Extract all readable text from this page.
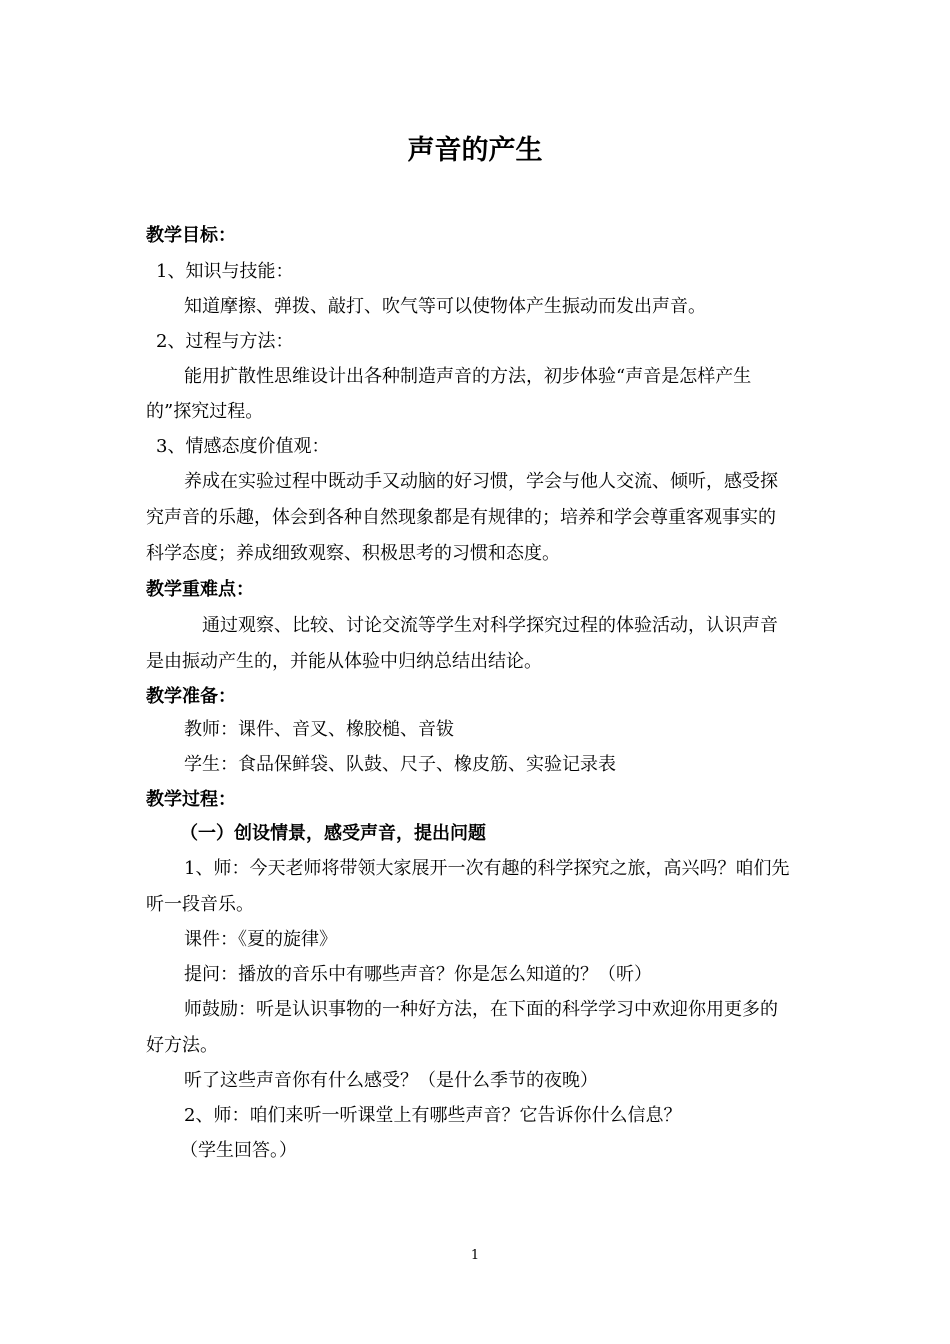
声音的产生
教学目标：
1、知识与技能：
知道摩擦、弹拨、敲打、吹气等可以使物体产生振动而发出声音。
2、过程与方法：
能用扩散性思维设计出各种制造声音的方法，初步体验“声音是怎样产生
的”探究过程。
3、情感态度价值观：
养成在实验过程中既动手又动脑的好习惯，学会与他人交流、倾听，感受探
究声音的乐趣，体会到各种自然现象都是有规律的；培养和学会尊重客观事实的
科学态度；养成细致观察、积极思考的习惯和态度。
教学重难点：
通过观察、比较、讨论交流等学生对科学探究过程的体验活动，认识声音
是由振动产生的，并能从体验中归纳总结出结论。
教学准备：
教师：课件、音叉、橡胶槌、音钹
学生：食品保鲜袋、队鼓、尺子、橡皮筋、实验记录表
教学过程：
（一）创设情景，感受声音，提出问题
1、师：今天老师将带领大家展开一次有趣的科学探究之旅，高兴吗？咱们先
听一段音乐。
课件：《夏的旋律》
提问：播放的音乐中有哪些声音？你是怎么知道的？（听）
师鼓励：听是认识事物的一种好方法，在下面的科学学习中欢迎你用更多的
好方法。
听了这些声音你有什么感受？（是什么季节的夜晚）
2、师：咱们来听一听课堂上有哪些声音？它告诉你什么信息？
（学生回答。）
1
